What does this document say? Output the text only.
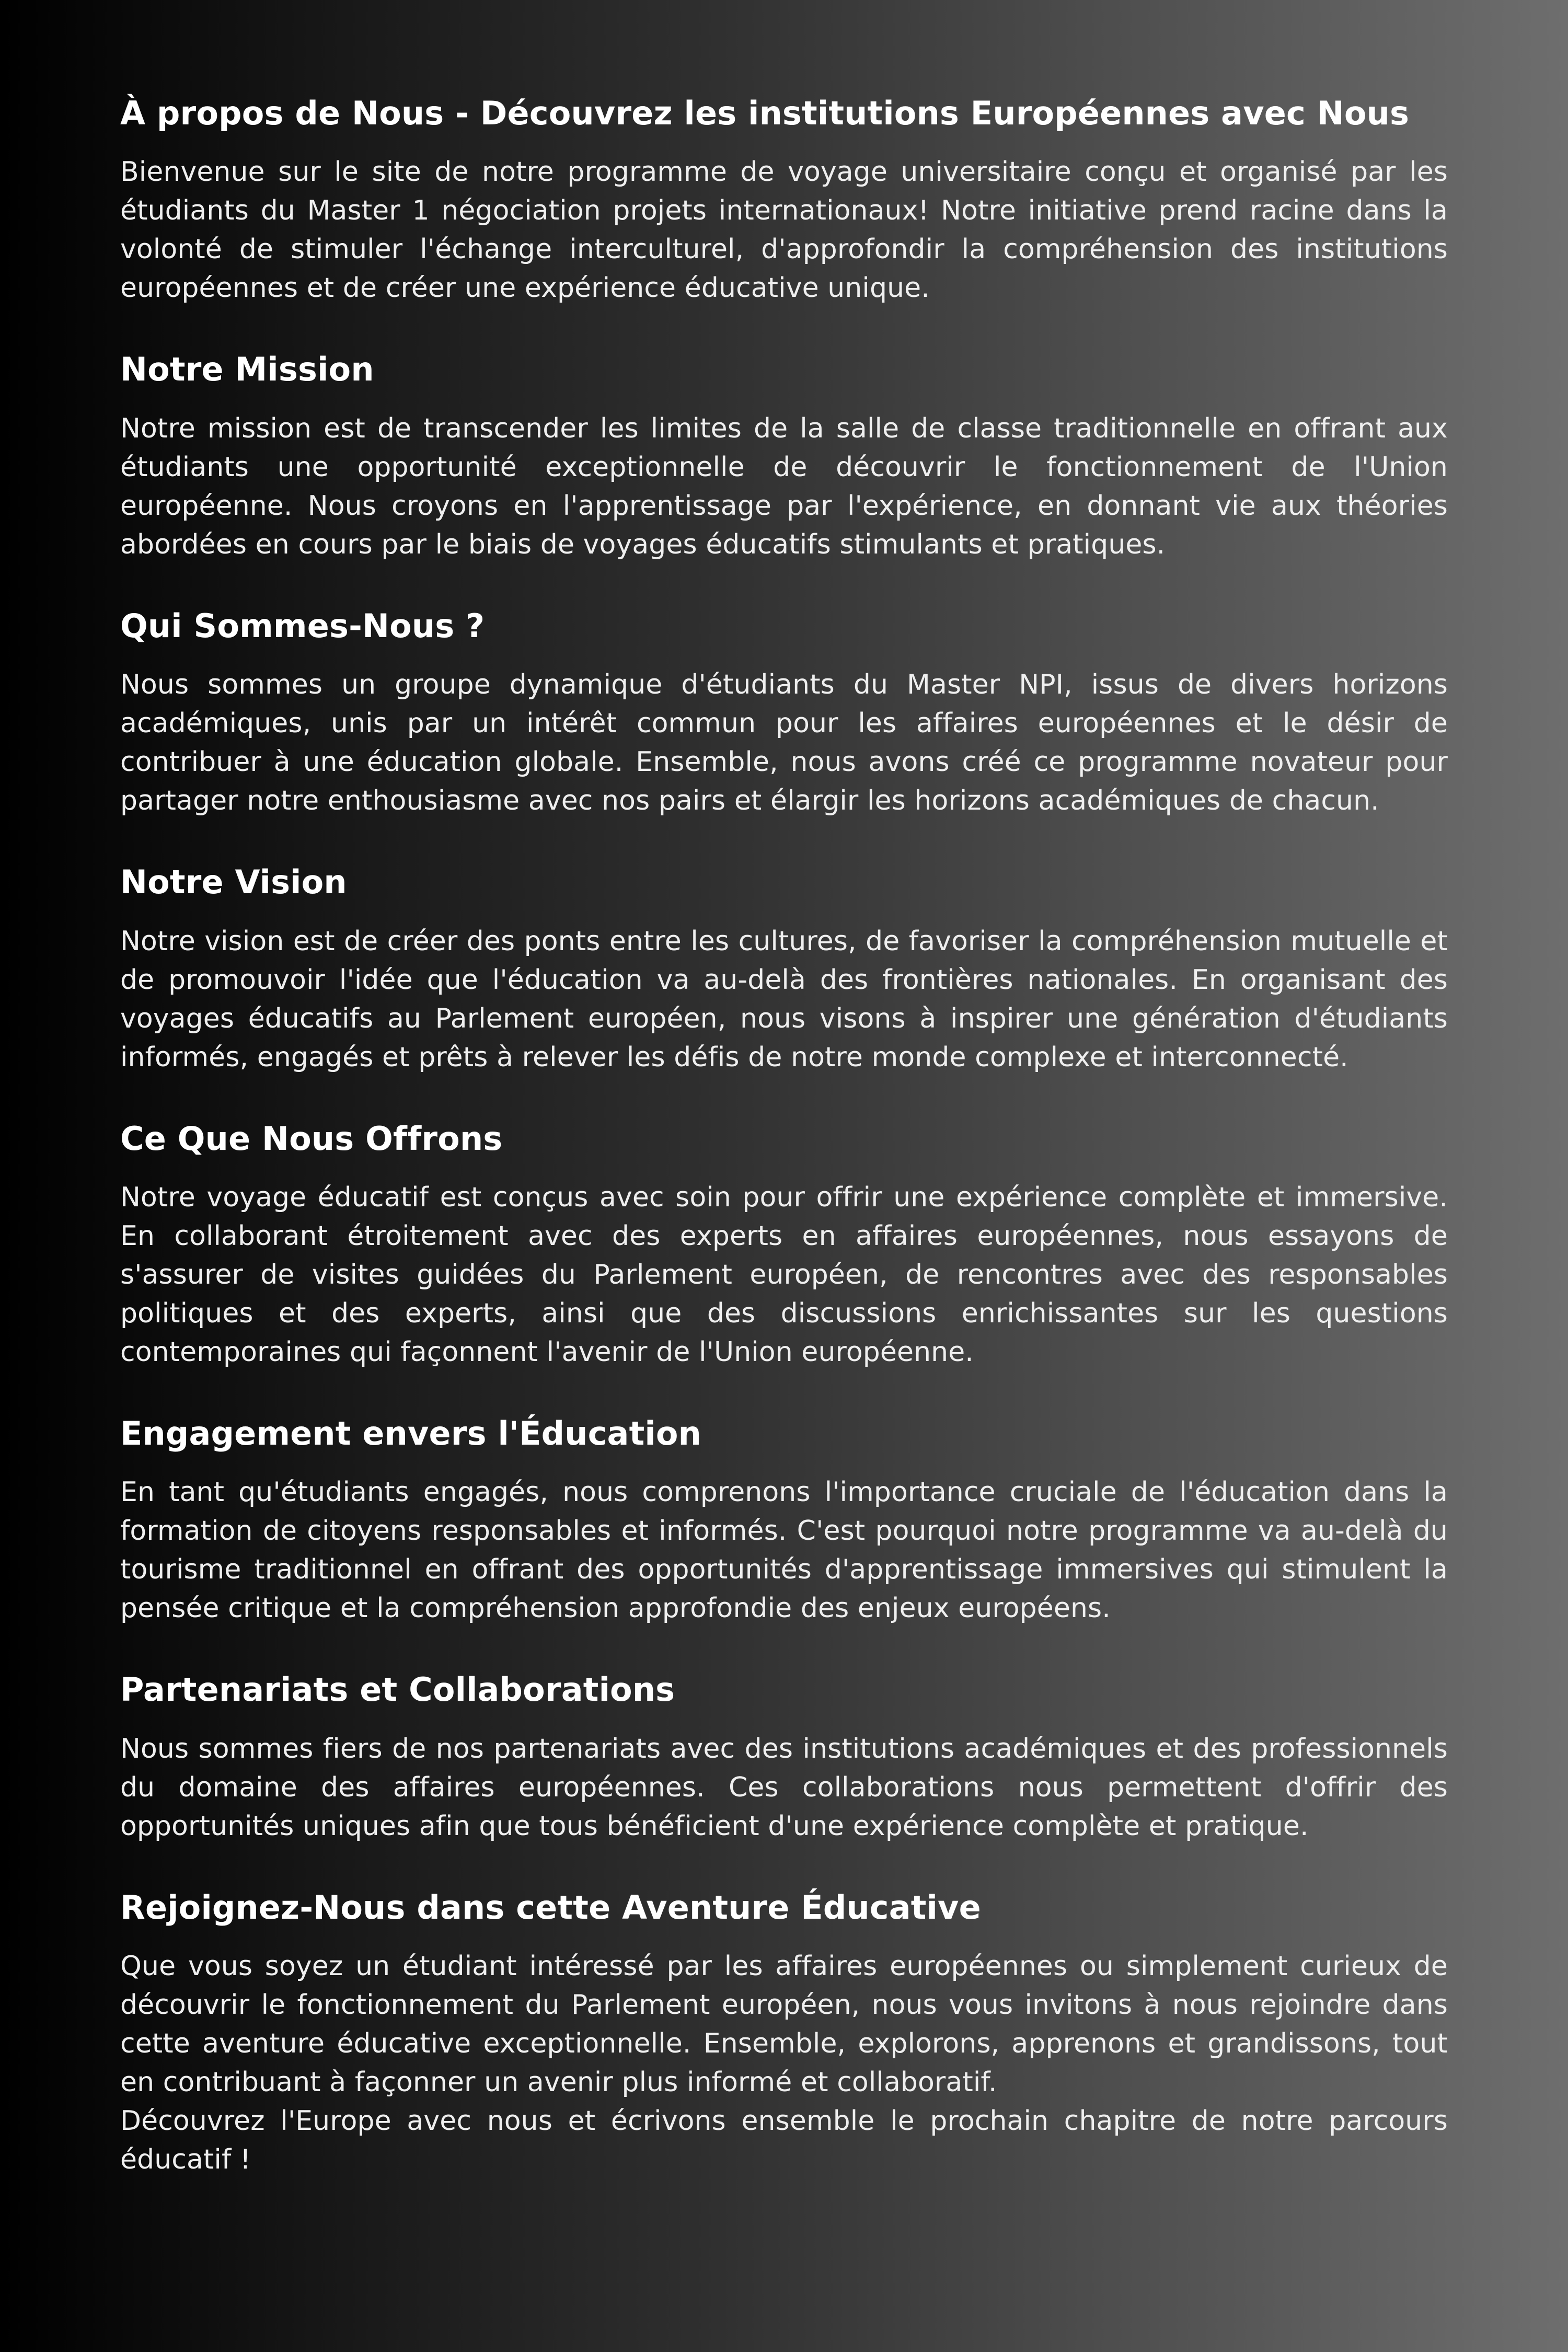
À propos de Nous - Découvrez les institutions Européennes avec Nous

Bienvenue sur le site de notre programme de voyage universitaire conçu et organisé par les étudiants du Master 1 négociation projets internationaux! Notre initiative prend racine dans la volonté de stimuler l'échange interculturel, d'approfondir la compréhension des institutions européennes et de créer une expérience éducative unique.

Notre Mission

Notre mission est de transcender les limites de la salle de classe traditionnelle en offrant aux étudiants une opportunité exceptionnelle de découvrir le fonctionnement de l'Union européenne. Nous croyons en l'apprentissage par l'expérience, en donnant vie aux théories abordées en cours par le biais de voyages éducatifs stimulants et pratiques.

Qui Sommes-Nous ?

Nous sommes un groupe dynamique d'étudiants du Master NPI, issus de divers horizons académiques, unis par un intérêt commun pour les affaires européennes et le désir de contribuer à une éducation globale. Ensemble, nous avons créé ce programme novateur pour partager notre enthousiasme avec nos pairs et élargir les horizons académiques de chacun.

Notre Vision

Notre vision est de créer des ponts entre les cultures, de favoriser la compréhension mutuelle et de promouvoir l'idée que l'éducation va au-delà des frontières nationales. En organisant des voyages éducatifs au Parlement européen, nous visons à inspirer une génération d'étudiants informés, engagés et prêts à relever les défis de notre monde complexe et interconnecté.

Ce Que Nous Offrons

Notre voyage éducatif est conçus avec soin pour offrir une expérience complète et immersive. En collaborant étroitement avec des experts en affaires européennes, nous essayons de s'assurer de visites guidées du Parlement européen, de rencontres avec des responsables politiques et des experts, ainsi que des discussions enrichissantes sur les questions contemporaines qui façonnent l'avenir de l'Union européenne.

Engagement envers l'Éducation

En tant qu'étudiants engagés, nous comprenons l'importance cruciale de l'éducation dans la formation de citoyens responsables et informés. C'est pourquoi notre programme va au-delà du tourisme traditionnel en offrant des opportunités d'apprentissage immersives qui stimulent la pensée critique et la compréhension approfondie des enjeux européens.

Partenariats et Collaborations

Nous sommes fiers de nos partenariats avec des institutions académiques et des professionnels du domaine des affaires européennes. Ces collaborations nous permettent d'offrir des opportunités uniques afin que tous bénéficient d'une expérience complète et pratique.

Rejoignez-Nous dans cette Aventure Éducative

Que vous soyez un étudiant intéressé par les affaires européennes ou simplement curieux de découvrir le fonctionnement du Parlement européen, nous vous invitons à nous rejoindre dans cette aventure éducative exceptionnelle. Ensemble, explorons, apprenons et grandissons, tout en contribuant à façonner un avenir plus informé et collaboratif.

Découvrez l'Europe avec nous et écrivons ensemble le prochain chapitre de notre parcours éducatif !
